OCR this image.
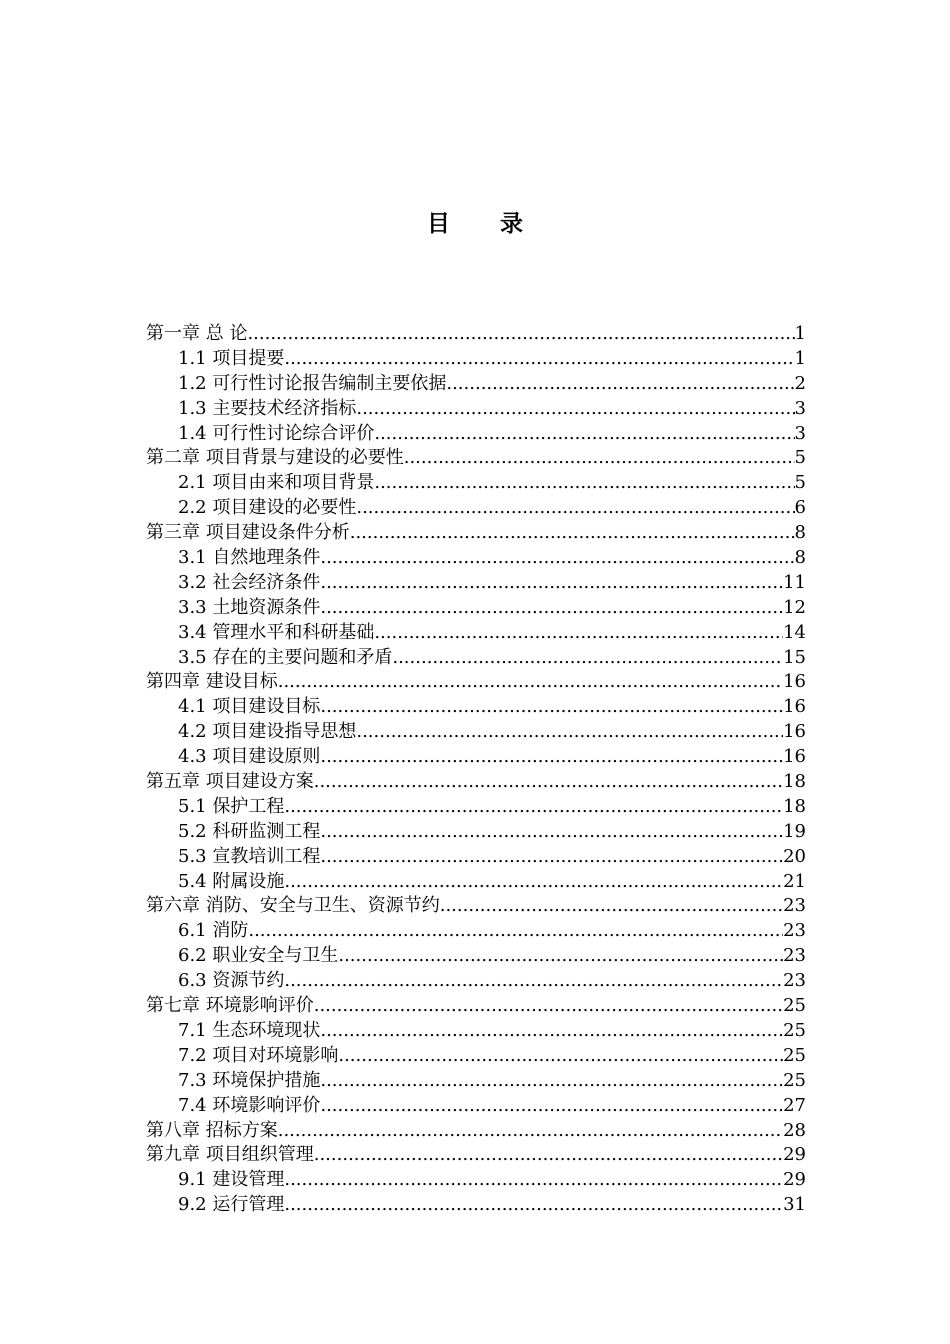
目录
第一章 总 论 .....	1
1.1 项目提要 .....	1
1.2 可行性讨论报告编制主要依据 .....	2
1.3 主要技术经济指标 .....	3
1.4 可行性讨论综合评价 .....	3
第二章 项目背景与建设的必要性 .....	5
2.1 项目由来和项目背景 .....	5
2.2 项目建设的必要性 .....	6
第三章 项目建设条件分析 .....	8
3.1 自然地理条件 .....	8
3.2 社会经济条件 .....	11
3.3 土地资源条件 .....	12
3.4 管理水平和科研基础 .....	14
3.5 存在的主要问题和矛盾 .....	15
第四章 建设目标 .....	16
4.1 项目建设目标 .....	16
4.2 项目建设指导思想 .....	16
4.3 项目建设原则 .....	16
第五章 项目建设方案 .....	18
5.1 保护工程 .....	18
5.2 科研监测工程 .....	19
5.3 宣教培训工程 .....	20
5.4 附属设施 .....	21
第六章 消防、安全与卫生、资源节约 .....	23
6.1 消防 .....	23
6.2 职业安全与卫生 .....	23
6.3 资源节约 .....	23
第七章 环境影响评价 .....	25
7.1 生态环境现状 .....	25
7.2 项目对环境影响 .....	25
7.3 环境保护措施 .....	25
7.4 环境影响评价 .....	27
第八章 招标方案 .....	28
第九章 项目组织管理 .....	29
9.1 建设管理 .....	29
9.2 运行管理 .....	31
